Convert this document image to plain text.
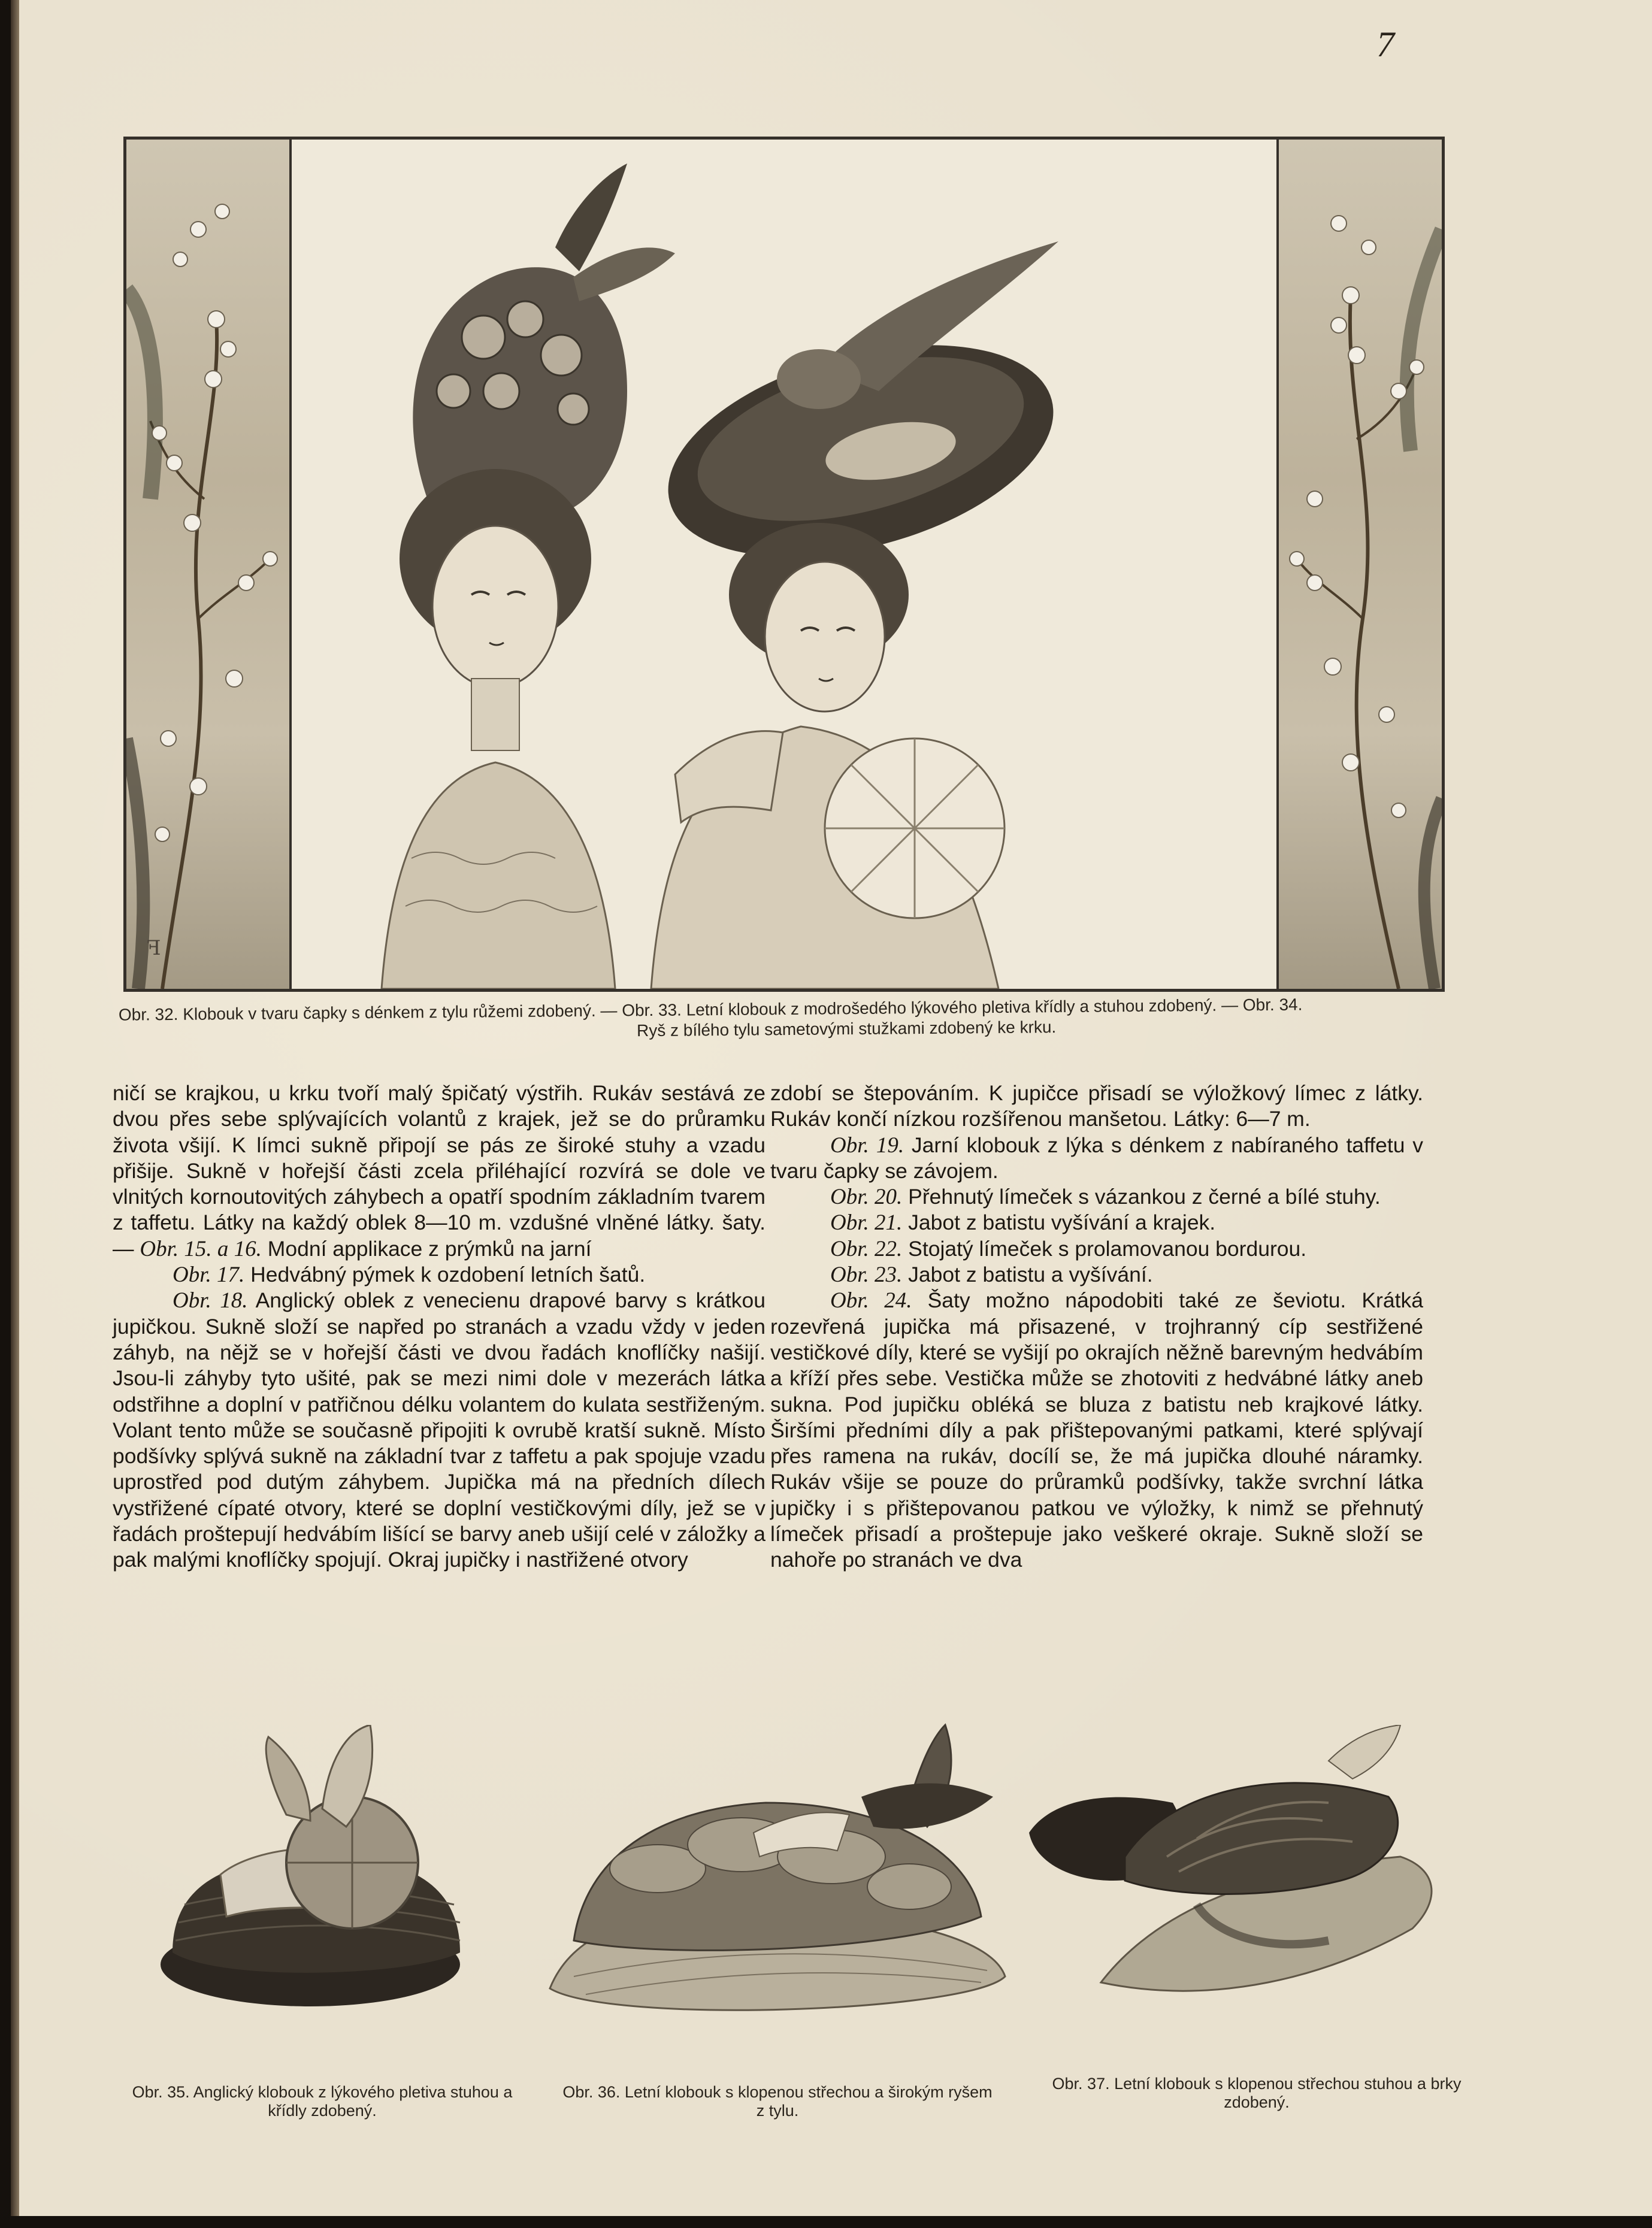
7
ꟻ
Obr. 32. Klobouk v tvaru čapky s dénkem z tylu růžemi zdobený. — Obr. 33. Letní klobouk z modrošedého lýkového pletiva křídly a stuhou zdobený. — Obr. 34.

Ryš z bílého tylu sametovými stužkami zdobený ke krku.

ničí se krajkou, u krku tvoří malý špičatý výstřih. Rukáv sestává ze dvou přes sebe splývajících volantů z krajek, jež se do průramku života všijí. K límci sukně připojí se pás ze široké stuhy a vzadu přišije. Sukně v hořejší části zcela přiléhající rozvírá se dole ve vlnitých kornoutovitých záhybech a opatří spodním základním tvarem z taffetu. Látky na každý oblek 8—10 m. vzdušné vlněné látky. šaty. — Obr. 15. a 16. Modní applikace z prýmků na jarní

Obr. 17. Hedvábný pýmek k ozdobení letních šatů.

Obr. 18. Anglický oblek z venecienu drapové barvy s krátkou jupičkou. Sukně složí se napřed po stranách a vzadu vždy v jeden záhyb, na nějž se v hořejší části ve dvou řadách knoflíčky našijí. Jsou-li záhyby tyto ušité, pak se mezi nimi dole v mezerách látka odstřihne a doplní v patřičnou délku volantem do kulata sestřiženým. Volant tento může se současně připojiti k ovrubě kratší sukně. Místo podšívky splývá sukně na základní tvar z taffetu a pak spojuje vzadu uprostřed pod dutým záhybem. Jupička má na předních dílech vystřižené cípaté otvory, které se doplní vestičkovými díly, jež se v řadách proštepují hedvábím lišící se barvy aneb ušijí celé v záložky a pak malými knoflíčky spojují. Okraj jupičky i nastřižené otvory

zdobí se štepováním. K jupičce přisadí se výložkový límec z látky. Rukáv končí nízkou rozšířenou manšetou. Látky: 6—7 m.

Obr. 19. Jarní klobouk z lýka s dénkem z nabíraného taffetu v tvaru čapky se závojem.

Obr. 20. Přehnutý límeček s vázankou z černé a bílé stuhy.

Obr. 21. Jabot z batistu vyšívání a krajek.

Obr. 22. Stojatý límeček s prolamovanou bordurou.

Obr. 23. Jabot z batistu a vyšívání.

Obr. 24. Šaty možno nápodobiti také ze ševiotu. Krátká rozevřená jupička má přisazené, v trojhranný cíp sestřižené vestičkové díly, které se vyšijí po okrajích něžně barevným hedvábím a kříží přes sebe. Vestička může se zhotoviti z hedvábné látky aneb sukna. Pod jupičku obléká se bluza z batistu neb krajkové látky. Širšími předními díly a pak přištepovanými patkami, které splývají přes ramena na rukáv, docílí se, že má jupička dlouhé náramky. Rukáv všije se pouze do průramků podšívky, takže svrchní látka jupičky i s přištepovanou patkou ve výložky, k nimž se přehnutý límeček přisadí a proštepuje jako veškeré okraje. Sukně složí se nahoře po stranách ve dva

Obr. 35. Anglický klobouk z lýkového pletiva stuhou a křídly zdobený.
Obr. 36. Letní klobouk s klopenou střechou a širokým ryšem z tylu.
Obr. 37. Letní klobouk s klopenou střechou stuhou a brky zdobený.
